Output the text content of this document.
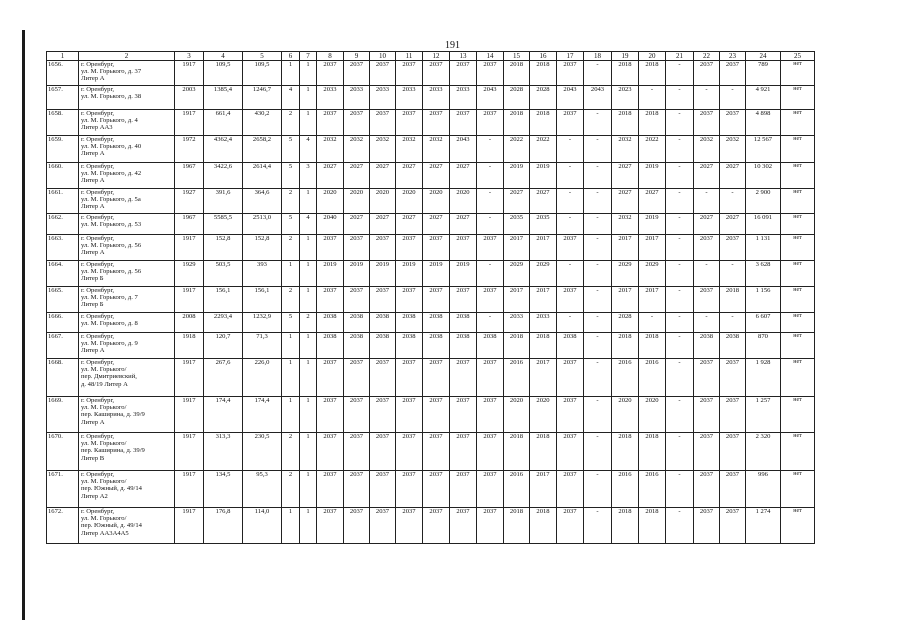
191
1	2	3	4	5	6	7	8	9	10	11	12	13	14	15	16	17	18	19	20	21	22	23	24	25
1656.	г. Оренбург,
ул. М. Горького, д. 37
Литер А	1917	109,5	109,5	1	1	2037	2037	2037	2037	2037	2037	2037	2018	2018	2037	-	2018	2018	-	2037	2037	789	нет
1657.	г. Оренбург,
ул. М. Горького, д. 38	2003	1385,4	1246,7	4	1	2033	2033	2033	2033	2033	2033	2043	2028	2028	2043	2043	2023	-	-	-	-	4 921	нет
1658.	г. Оренбург,
ул. М. Горького, д. 4
Литер АА3	1917	661,4	430,2	2	1	2037	2037	2037	2037	2037	2037	2037	2018	2018	2037	-	2018	2018	-	2037	2037	4 898	нет
1659.	г. Оренбург,
ул. М. Горького, д. 40
Литер А	1972	4362,4	2658,2	5	4	2032	2032	2032	2032	2032	2043	-	2022	2022	-	-	2032	2022	-	2032	2032	12 567	нет
1660.	г. Оренбург,
ул. М. Горького, д. 42
Литер А	1967	3422,6	2614,4	5	3	2027	2027	2027	2027	2027	2027	-	2019	2019	-	-	2027	2019	-	2027	2027	10 302	нет
1661.	г. Оренбург,
ул. М. Горького, д. 5а
Литер А	1927	391,6	364,6	2	1	2020	2020	2020	2020	2020	2020	-	2027	2027	-	-	2027	2027	-	-	-	2 900	нет
1662.	г. Оренбург,
ул. М. Горького, д. 53	1967	5585,5	2513,0	5	4	2040	2027	2027	2027	2027	2027	-	2035	2035	-	-	2032	2019	-	2027	2027	16 091	нет
1663.	г. Оренбург,
ул. М. Горького, д. 56
Литер А	1917	152,8	152,8	2	1	2037	2037	2037	2037	2037	2037	2037	2017	2017	2037	-	2017	2017	-	2037	2037	1 131	нет
1664.	г. Оренбург,
ул. М. Горького, д. 56
Литер Б	1929	503,5	393	1	1	2019	2019	2019	2019	2019	2019	-	2029	2029	-	-	2029	2029	-	-	-	3 628	нет
1665.	г. Оренбург,
ул. М. Горького, д. 7
Литер Б	1917	156,1	156,1	2	1	2037	2037	2037	2037	2037	2037	2037	2017	2017	2037	-	2017	2017	-	2037	2018	1 156	нет
1666.	г. Оренбург,
ул. М. Горького, д. 8	2008	2293,4	1232,9	5	2	2038	2038	2038	2038	2038	2038	-	2033	2033	-	-	2028	-	-	-	-	6 607	нет
1667.	г. Оренбург,
ул. М. Горького, д. 9
Литер А	1918	120,7	71,3	1	1	2038	2038	2038	2038	2038	2038	2038	2018	2018	2038	-	2018	2018	-	2038	2038	870	нет
1668.	г. Оренбург,
ул. М. Горького/
пер. Дмитриевский,
д. 48/19 Литер А	1917	267,6	226,0	1	1	2037	2037	2037	2037	2037	2037	2037	2016	2017	2037	-	2016	2016	-	2037	2037	1 928	нет
1669.	г. Оренбург,
ул. М. Горького/
пер. Каширина, д. 39/9
Литер А	1917	174,4	174,4	1	1	2037	2037	2037	2037	2037	2037	2037	2020	2020	2037	-	2020	2020	-	2037	2037	1 257	нет
1670.	г. Оренбург,
ул. М. Горького/
пер. Каширина, д. 39/9
Литер В	1917	313,3	230,5	2	1	2037	2037	2037	2037	2037	2037	2037	2018	2018	2037	-	2018	2018	-	2037	2037	2 320	нет
1671.	г. Оренбург,
ул. М. Горького/
пер. Южный, д. 49/14
Литер А2	1917	134,5	95,3	2	1	2037	2037	2037	2037	2037	2037	2037	2016	2017	2037	-	2016	2016	-	2037	2037	996	нет
1672.	г. Оренбург,
ул. М. Горького/
пер. Южный, д. 49/14
Литер АА3А4А5	1917	176,8	114,0	1	1	2037	2037	2037	2037	2037	2037	2037	2018	2018	2037	-	2018	2018	-	2037	2037	1 274	нет
